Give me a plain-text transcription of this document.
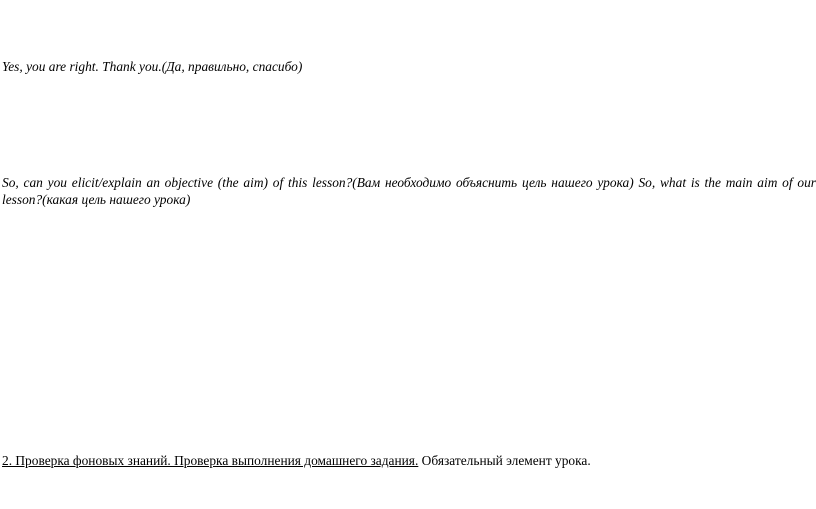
Yes, you are right. Thank you.(Да, правильно, спасибо)

So, can you elicit/explain an objective (the aim) of this lesson?(Вам необходимо объяснить цель нашего урока) So, what is the main aim of our lesson?(какая цель нашего урока)

2. Проверка фоновых знаний. Проверка выполнения домашнего задания. Обязательный элемент урока.
